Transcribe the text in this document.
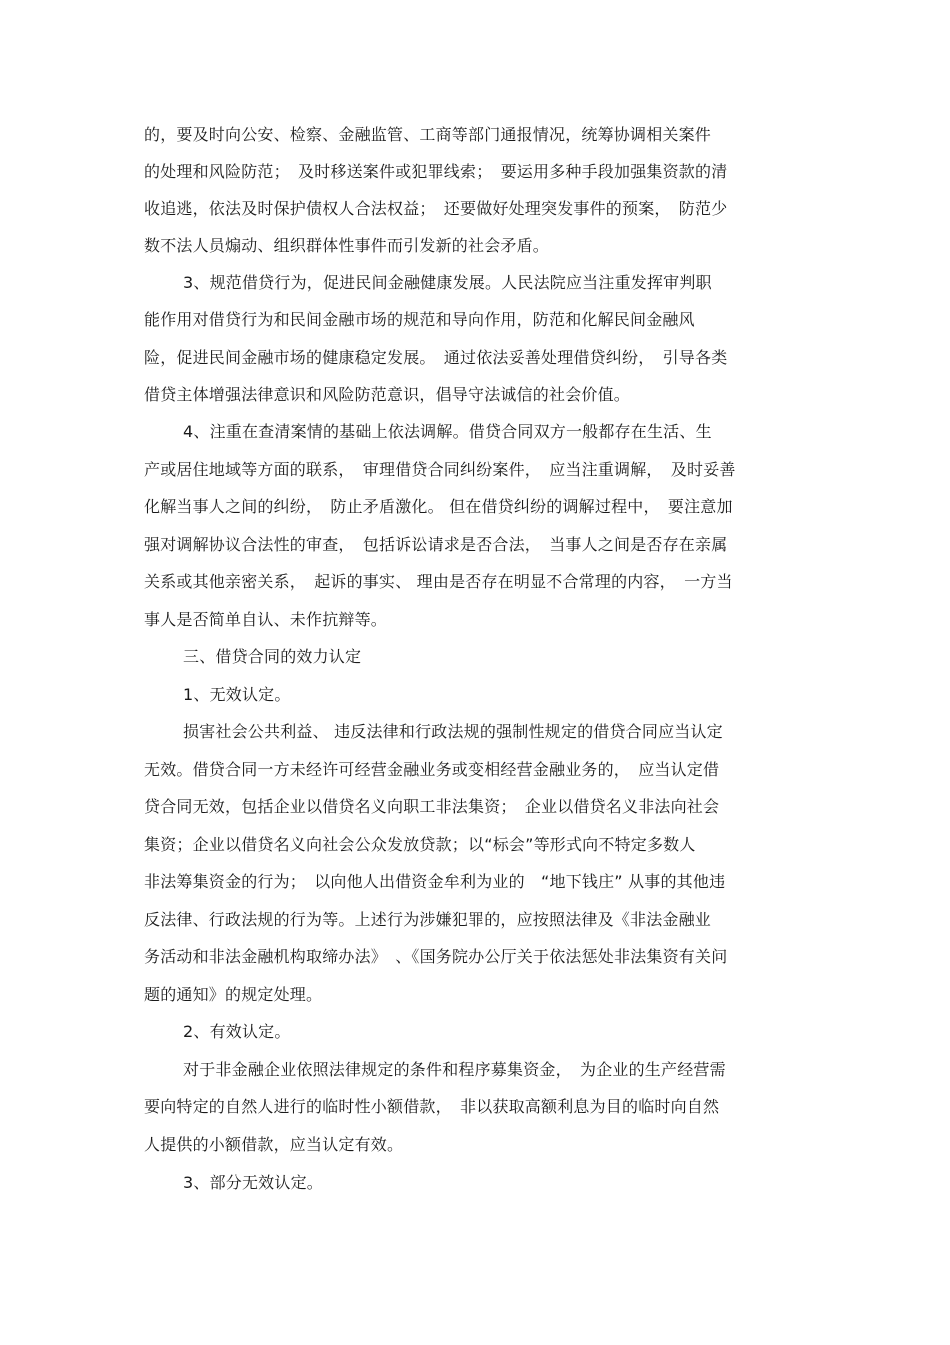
的，要及时向公安、检察、金融监管、工商等部门通报情况，统筹协调相关案件
的处理和风险防范；　及时移送案件或犯罪线索；　要运用多种手段加强集资款的清
收追逃，依法及时保护债权人合法权益；　还要做好处理突发事件的预案，　防范少
数不法人员煽动、组织群体性事件而引发新的社会矛盾。
3、规范借贷行为，促进民间金融健康发展。人民法院应当注重发挥审判职
能作用对借贷行为和民间金融市场的规范和导向作用，防范和化解民间金融风
险，促进民间金融市场的健康稳定发展。　通过依法妥善处理借贷纠纷，　引导各类
借贷主体增强法律意识和风险防范意识，倡导守法诚信的社会价值。
4、注重在查清案情的基础上依法调解。借贷合同双方一般都存在生活、生
产或居住地域等方面的联系，　审理借贷合同纠纷案件，　应当注重调解，　及时妥善
化解当事人之间的纠纷，　防止矛盾激化。 但在借贷纠纷的调解过程中，　要注意加
强对调解协议合法性的审查，　包括诉讼请求是否合法，　当事人之间是否存在亲属
关系或其他亲密关系，　起诉的事实、 理由是否存在明显不合常理的内容，　一方当
事人是否简单自认、未作抗辩等。
三、借贷合同的效力认定
1、无效认定。
损害社会公共利益、 违反法律和行政法规的强制性规定的借贷合同应当认定
无效。借贷合同一方未经许可经营金融业务或变相经营金融业务的，　应当认定借
贷合同无效，包括企业以借贷名义向职工非法集资；　企业以借贷名义非法向社会
集资；企业以借贷名义向社会公众发放贷款；以“标会”等形式向不特定多数人
非法筹集资金的行为；　以向他人出借资金牟利为业的　“地下钱庄” 从事的其他违
反法律、行政法规的行为等。上述行为涉嫌犯罪的，应按照法律及《非法金融业
务活动和非法金融机构取缔办法》　、《国务院办公厅关于依法惩处非法集资有关问
题的通知》的规定处理。
2、有效认定。
对于非金融企业依照法律规定的条件和程序募集资金，　为企业的生产经营需
要向特定的自然人进行的临时性小额借款，　非以获取高额利息为目的临时向自然
人提供的小额借款，应当认定有效。
3、部分无效认定。
